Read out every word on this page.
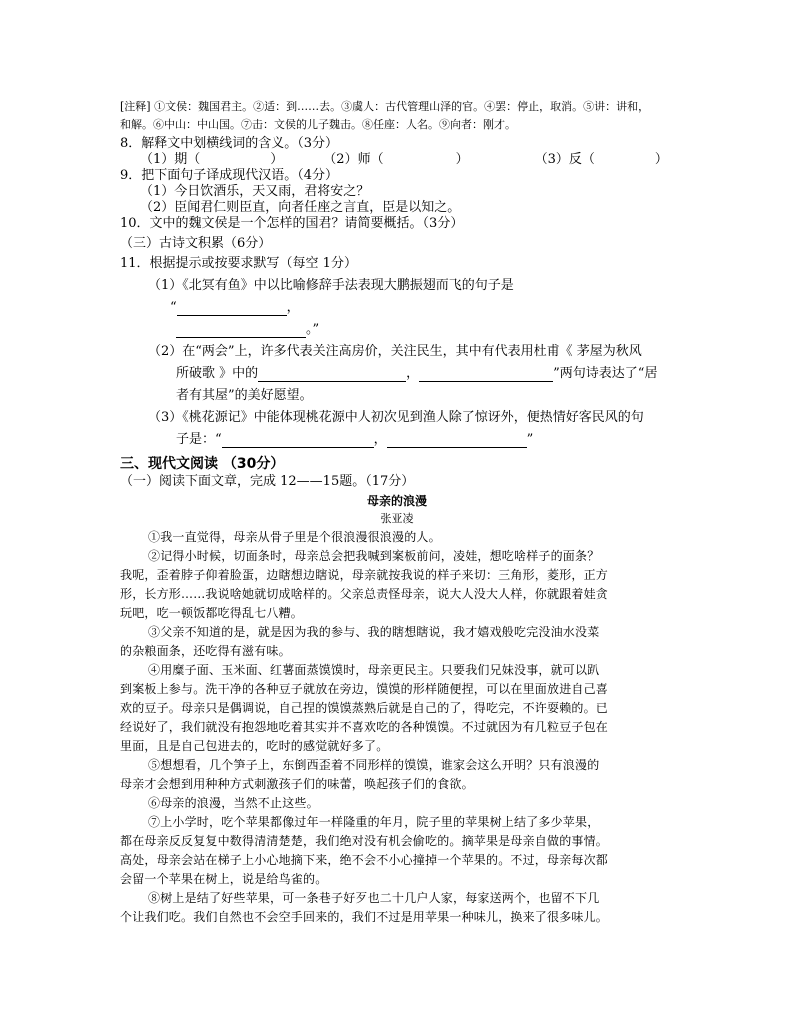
[注释] ①文侯：魏国君主。②适：到……去。③虞人：古代管理山泽的官。④罢：停止，取消。⑤讲：讲和，
和解。⑥中山：中山国。⑦击：文侯的儿子魏击。⑧任座：人名。⑨向者：刚才。
8．解释文中划横线词的含义。（3分）
（1）期（	）	（2）师（	）	（3）反（	）
9．把下面句子译成现代汉语。（4分）
（1）今日饮酒乐，天又雨，君将安之？
（2）臣闻君仁则臣直，向者任座之言直，臣是以知之。
10．文中的魏文侯是一个怎样的国君？请简要概括。（3分）
（三）古诗文积累（6分）
11．根据提示或按要求默写（每空 1分）
（1）《北冥有鱼》中以比喻修辞手法表现大鹏振翅而飞的句子是
“	，
。”
（2）在“两会”上，许多代表关注高房价，关注民生，其中有代表用杜甫《 茅屋为秋风
所破歌 》中的	，	”两句诗表达了“居
者有其屋”的美好愿望。
（3）《桃花源记》中能体现桃花源中人初次见到渔人除了惊讶外，便热情好客民风的句
子是：“	，	”
三、现代文阅读 （30分）
（一）阅读下面文章，完成 12——15题。（17分）
母亲的浪漫
张亚凌
①我一直觉得，母亲从骨子里是个很浪漫很浪漫的人。
②记得小时候，切面条时，母亲总会把我喊到案板前问，凌娃，想吃啥样子的面条？
我呢，歪着脖子仰着脸蛋，边瞎想边瞎说，母亲就按我说的样子来切：三角形，菱形，正方
形，长方形……我说啥她就切成啥样的。父亲总责怪母亲，说大人没大人样，你就跟着娃贪
玩吧，吃一顿饭都吃得乱七八糟。
③父亲不知道的是，就是因为我的参与、我的瞎想瞎说，我才嬉戏般吃完没油水没菜
的杂粮面条，还吃得有滋有味。
④用糜子面、玉米面、红薯面蒸馍馍时，母亲更民主。只要我们兄妹没事，就可以趴
到案板上参与。洗干净的各种豆子就放在旁边，馍馍的形样随便捏，可以在里面放进自己喜
欢的豆子。母亲只是偶调说，自己捏的馍馍蒸熟后就是自己的了，得吃完，不许耍赖的。已
经说好了，我们就没有抱怨地吃着其实并不喜欢吃的各种馍馍。不过就因为有几粒豆子包在
里面，且是自己包进去的，吃时的感觉就好多了。
⑤想想看，几个笋子上，东倒西歪着不同形样的馍馍，谁家会这么开明？只有浪漫的
母亲才会想到用种种方式刺激孩子们的味蕾，唤起孩子们的食欲。
⑥母亲的浪漫，当然不止这些。
⑦上小学时，吃个苹果都像过年一样隆重的年月，院子里的苹果树上结了多少苹果，
都在母亲反反复复中数得清清楚楚，我们绝对没有机会偷吃的。摘苹果是母亲自做的事情。
高处，母亲会站在梯子上小心地摘下来，绝不会不小心撞掉一个苹果的。不过，母亲每次都
会留一个苹果在树上，说是给鸟雀的。
⑧树上是结了好些苹果，可一条巷子好歹也二十几户人家，每家送两个，也留不下几
个让我们吃。我们自然也不会空手回来的，我们不过是用苹果一种味儿，换来了很多味儿。
